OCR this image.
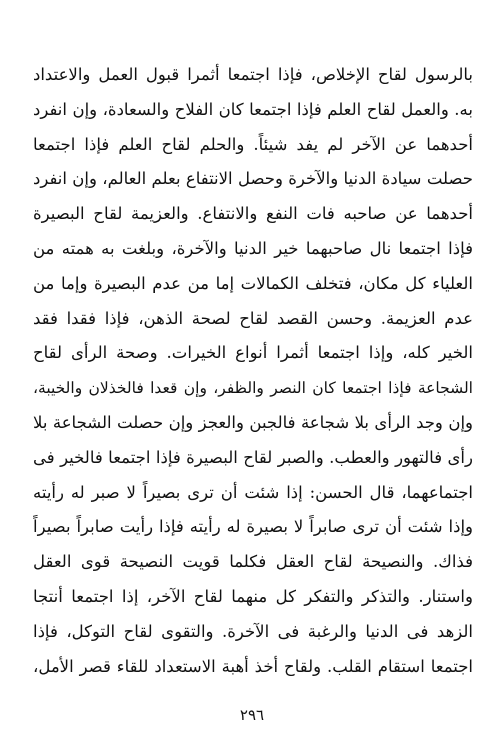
بالرسول لقاح الإخلاص، فإذا اجتمعا أثمرا قبول العمل والاعتداد
به. والعمل لقاح العلم فإذا اجتمعا كان الفلاح والسعادة، وإن انفرد
أحدهما عن الآخر لم يفد شيئاً. والحلم لقاح العلم فإذا اجتمعا
حصلت سيادة الدنيا والآخرة وحصل الانتفاع بعلم العالم، وإن انفرد
أحدهما عن صاحبه فات النفع والانتفاع. والعزيمة لقاح البصيرة
فإذا اجتمعا نال صاحبهما خير الدنيا والآخرة، وبلغت به همته من
العلياء كل مكان، فتخلف الكمالات إما من عدم البصيرة وإما من
عدم العزيمة. وحسن القصد لقاح لصحة الذهن، فإذا فقدا فقد
الخير كله، وإذا اجتمعا أثمرا أنواع الخيرات. وصحة الرأى لقاح
الشجاعة فإذا اجتمعا كان النصر والظفر، وإن قعدا فالخذلان والخيبة،
وإن وجد الرأى بلا شجاعة فالجبن والعجز وإن حصلت الشجاعة بلا
رأى فالتهور والعطب. والصبر لقاح البصيرة فإذا اجتمعا فالخير فى
اجتماعهما، قال الحسن: إذا شئت أن ترى بصيراً لا صبر له رأيته
وإذا شئت أن ترى صابراً لا بصيرة له رأيته فإذا رأيت صابراً بصيراً
فذاك. والنصيحة لقاح العقل فكلما قويت النصيحة قوى العقل
واستنار. والتذكر والتفكر كل منهما لقاح الآخر، إذا اجتمعا أنتجا
الزهد فى الدنيا والرغبة فى الآخرة. والتقوى لقاح التوكل، فإذا
اجتمعا استقام القلب. ولقاح أخذ أهبة الاستعداد للقاء قصر الأمل،
٢٩٦
